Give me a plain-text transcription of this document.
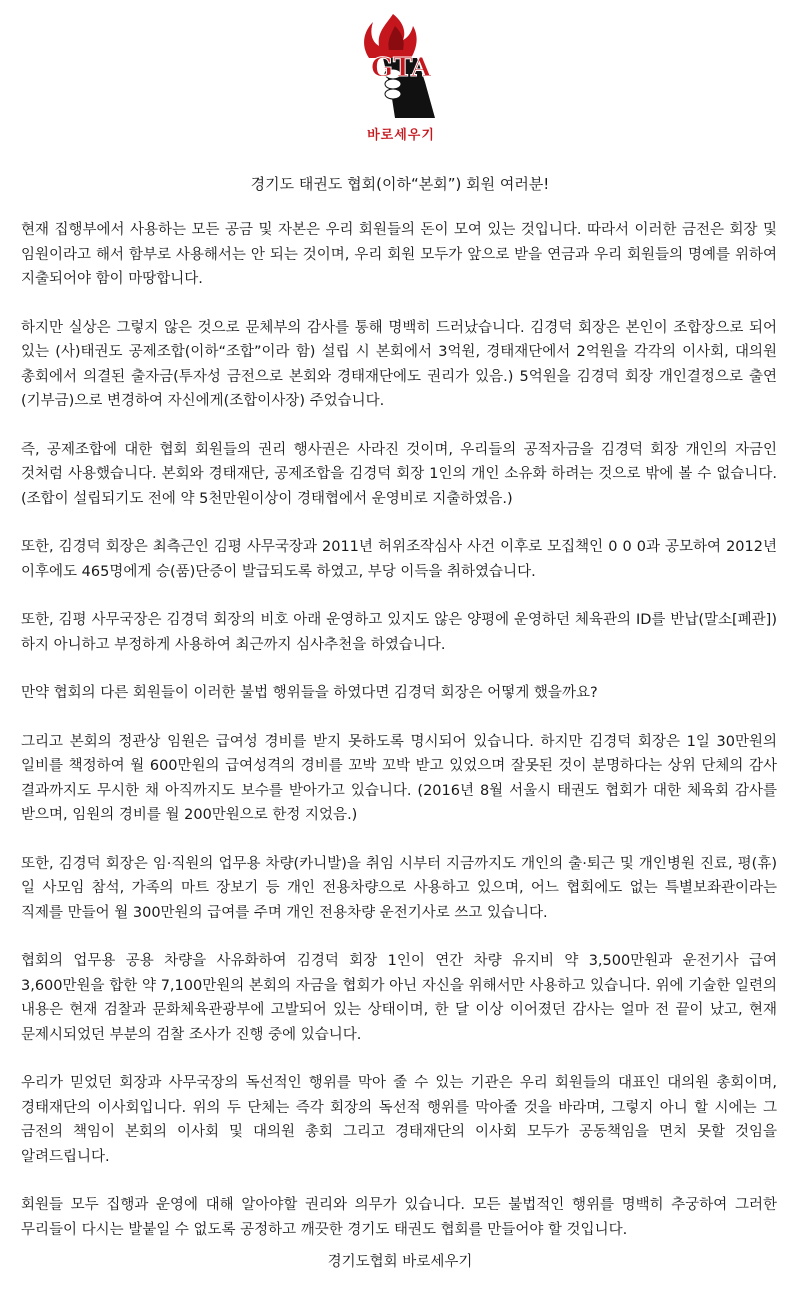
GTA
바로세우기

경기도 태권도 협회(이하“본회”) 회원 여러분!

현재 집행부에서 사용하는 모든 공금 및 자본은 우리 회원들의 돈이 모여 있는 것입니다. 따라서 이러한 금전은 회장 및 임원이라고 해서 함부로 사용해서는 안 되는 것이며, 우리 회원 모두가 앞으로 받을 연금과 우리 회원들의 명예를 위하여 지출되어야 함이 마땅합니다.

하지만 실상은 그렇지 않은 것으로 문체부의 감사를 통해 명백히 드러났습니다. 김경덕 회장은 본인이 조합장으로 되어 있는 (사)태권도 공제조합(이하“조합”이라 함) 설립 시 본회에서 3억원, 경태재단에서 2억원을 각각의 이사회, 대의원 총회에서 의결된 출자금(투자성 금전으로 본회와 경태재단에도 권리가 있음.) 5억원을 김경덕 회장 개인결정으로 출연(기부금)으로 변경하여 자신에게(조합이사장) 주었습니다.

즉, 공제조합에 대한 협회 회원들의 권리 행사권은 사라진 것이며, 우리들의 공적자금을 김경덕 회장 개인의 자금인 것처럼 사용했습니다. 본회와 경태재단, 공제조합을 김경덕 회장 1인의 개인 소유화 하려는 것으로 밖에 볼 수 없습니다. (조합이 설립되기도 전에 약 5천만원이상이 경태협에서 운영비로 지출하였음.)

또한, 김경덕 회장은 최측근인 김평 사무국장과 2011년 허위조작심사 사건 이후로 모집책인 0 0 0과 공모하여 2012년 이후에도 465명에게 승(품)단증이 발급되도록 하였고, 부당 이득을 취하였습니다.

또한, 김평 사무국장은 김경덕 회장의 비호 아래 운영하고 있지도 않은 양평에 운영하던 체육관의 ID를 반납(말소[폐관])하지 아니하고 부정하게 사용하여 최근까지 심사추천을 하였습니다.

만약 협회의 다른 회원들이 이러한 불법 행위들을 하였다면 김경덕 회장은 어떻게 했을까요?

그리고 본회의 정관상 임원은 급여성 경비를 받지 못하도록 명시되어 있습니다. 하지만 김경덕 회장은 1일 30만원의 일비를 책정하여 월 600만원의 급여성격의 경비를 꼬박 꼬박 받고 있었으며 잘못된 것이 분명하다는 상위 단체의 감사 결과까지도 무시한 채 아직까지도 보수를 받아가고 있습니다. (2016년 8월 서울시 태권도 협회가 대한 체육회 감사를 받으며, 임원의 경비를 월 200만원으로 한정 지었음.)

또한, 김경덕 회장은 임·직원의 업무용 차량(카니발)을 취임 시부터 지금까지도 개인의 출·퇴근 및 개인병원 진료, 평(휴)일 사모임 참석, 가족의 마트 장보기 등 개인 전용차량으로 사용하고 있으며, 어느 협회에도 없는 특별보좌관이라는 직제를 만들어 월 300만원의 급여를 주며 개인 전용차량 운전기사로 쓰고 있습니다.

협회의 업무용 공용 차량을 사유화하여 김경덕 회장 1인이 연간 차량 유지비 약 3,500만원과 운전기사 급여 3,600만원을 합한 약 7,100만원의 본회의 자금을 협회가 아닌 자신을 위해서만 사용하고 있습니다. 위에 기술한 일련의 내용은 현재 검찰과 문화체육관광부에 고발되어 있는 상태이며, 한 달 이상 이어졌던 감사는 얼마 전 끝이 났고, 현재 문제시되었던 부분의 검찰 조사가 진행 중에 있습니다.

우리가 믿었던 회장과 사무국장의 독선적인 행위를 막아 줄 수 있는 기관은 우리 회원들의 대표인 대의원 총회이며, 경태재단의 이사회입니다. 위의 두 단체는 즉각 회장의 독선적 행위를 막아줄 것을 바라며, 그렇지 아니 할 시에는 그 금전의 책임이 본회의 이사회 및 대의원 총회 그리고 경태재단의 이사회 모두가 공동책임을 면치 못할 것임을 알려드립니다.

회원들 모두 집행과 운영에 대해 알아야할 권리와 의무가 있습니다. 모든 불법적인 행위를 명백히 추궁하여 그러한 무리들이 다시는 발붙일 수 없도록 공정하고 깨끗한 경기도 태권도 협회를 만들어야 할 것입니다.

경기도협회 바로세우기
